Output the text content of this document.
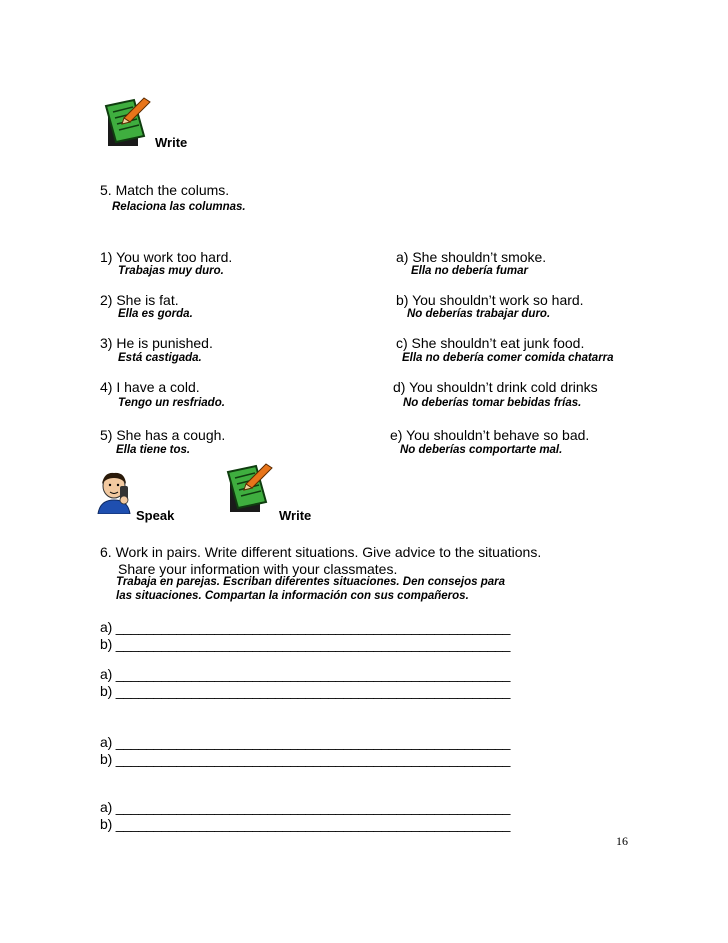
Write
5. Match the colums.
Relaciona las columnas.
1) You work too hard.
Trabajas muy duro.
2) She is fat.
Ella es gorda.
3) He is punished.
Está castigada.
4) I have a cold.
Tengo un resfriado.
5) She has a cough.
Ella tiene tos.
a) She shouldn’t smoke.
Ella no debería fumar
b) You shouldn’t work so hard.
No deberías trabajar duro.
c) She shouldn’t eat junk food.
Ella no debería comer comida chatarra
d) You shouldn’t drink cold drinks
No deberías tomar bebidas frías.
e) You shouldn’t behave so bad.
No deberías comportarte mal.
Speak	Write
6. Work in pairs. Write different situations. Give advice to the situations.
Share your information with your classmates.
Trabaja en parejas. Escriban diferentes situaciones. Den consejos para
las situaciones. Compartan la información con sus compañeros.
a) ____________________________________________________
b) ____________________________________________________
a) ____________________________________________________
b) ____________________________________________________
a) ____________________________________________________
b) ____________________________________________________
a) ____________________________________________________
b) ____________________________________________________
16
